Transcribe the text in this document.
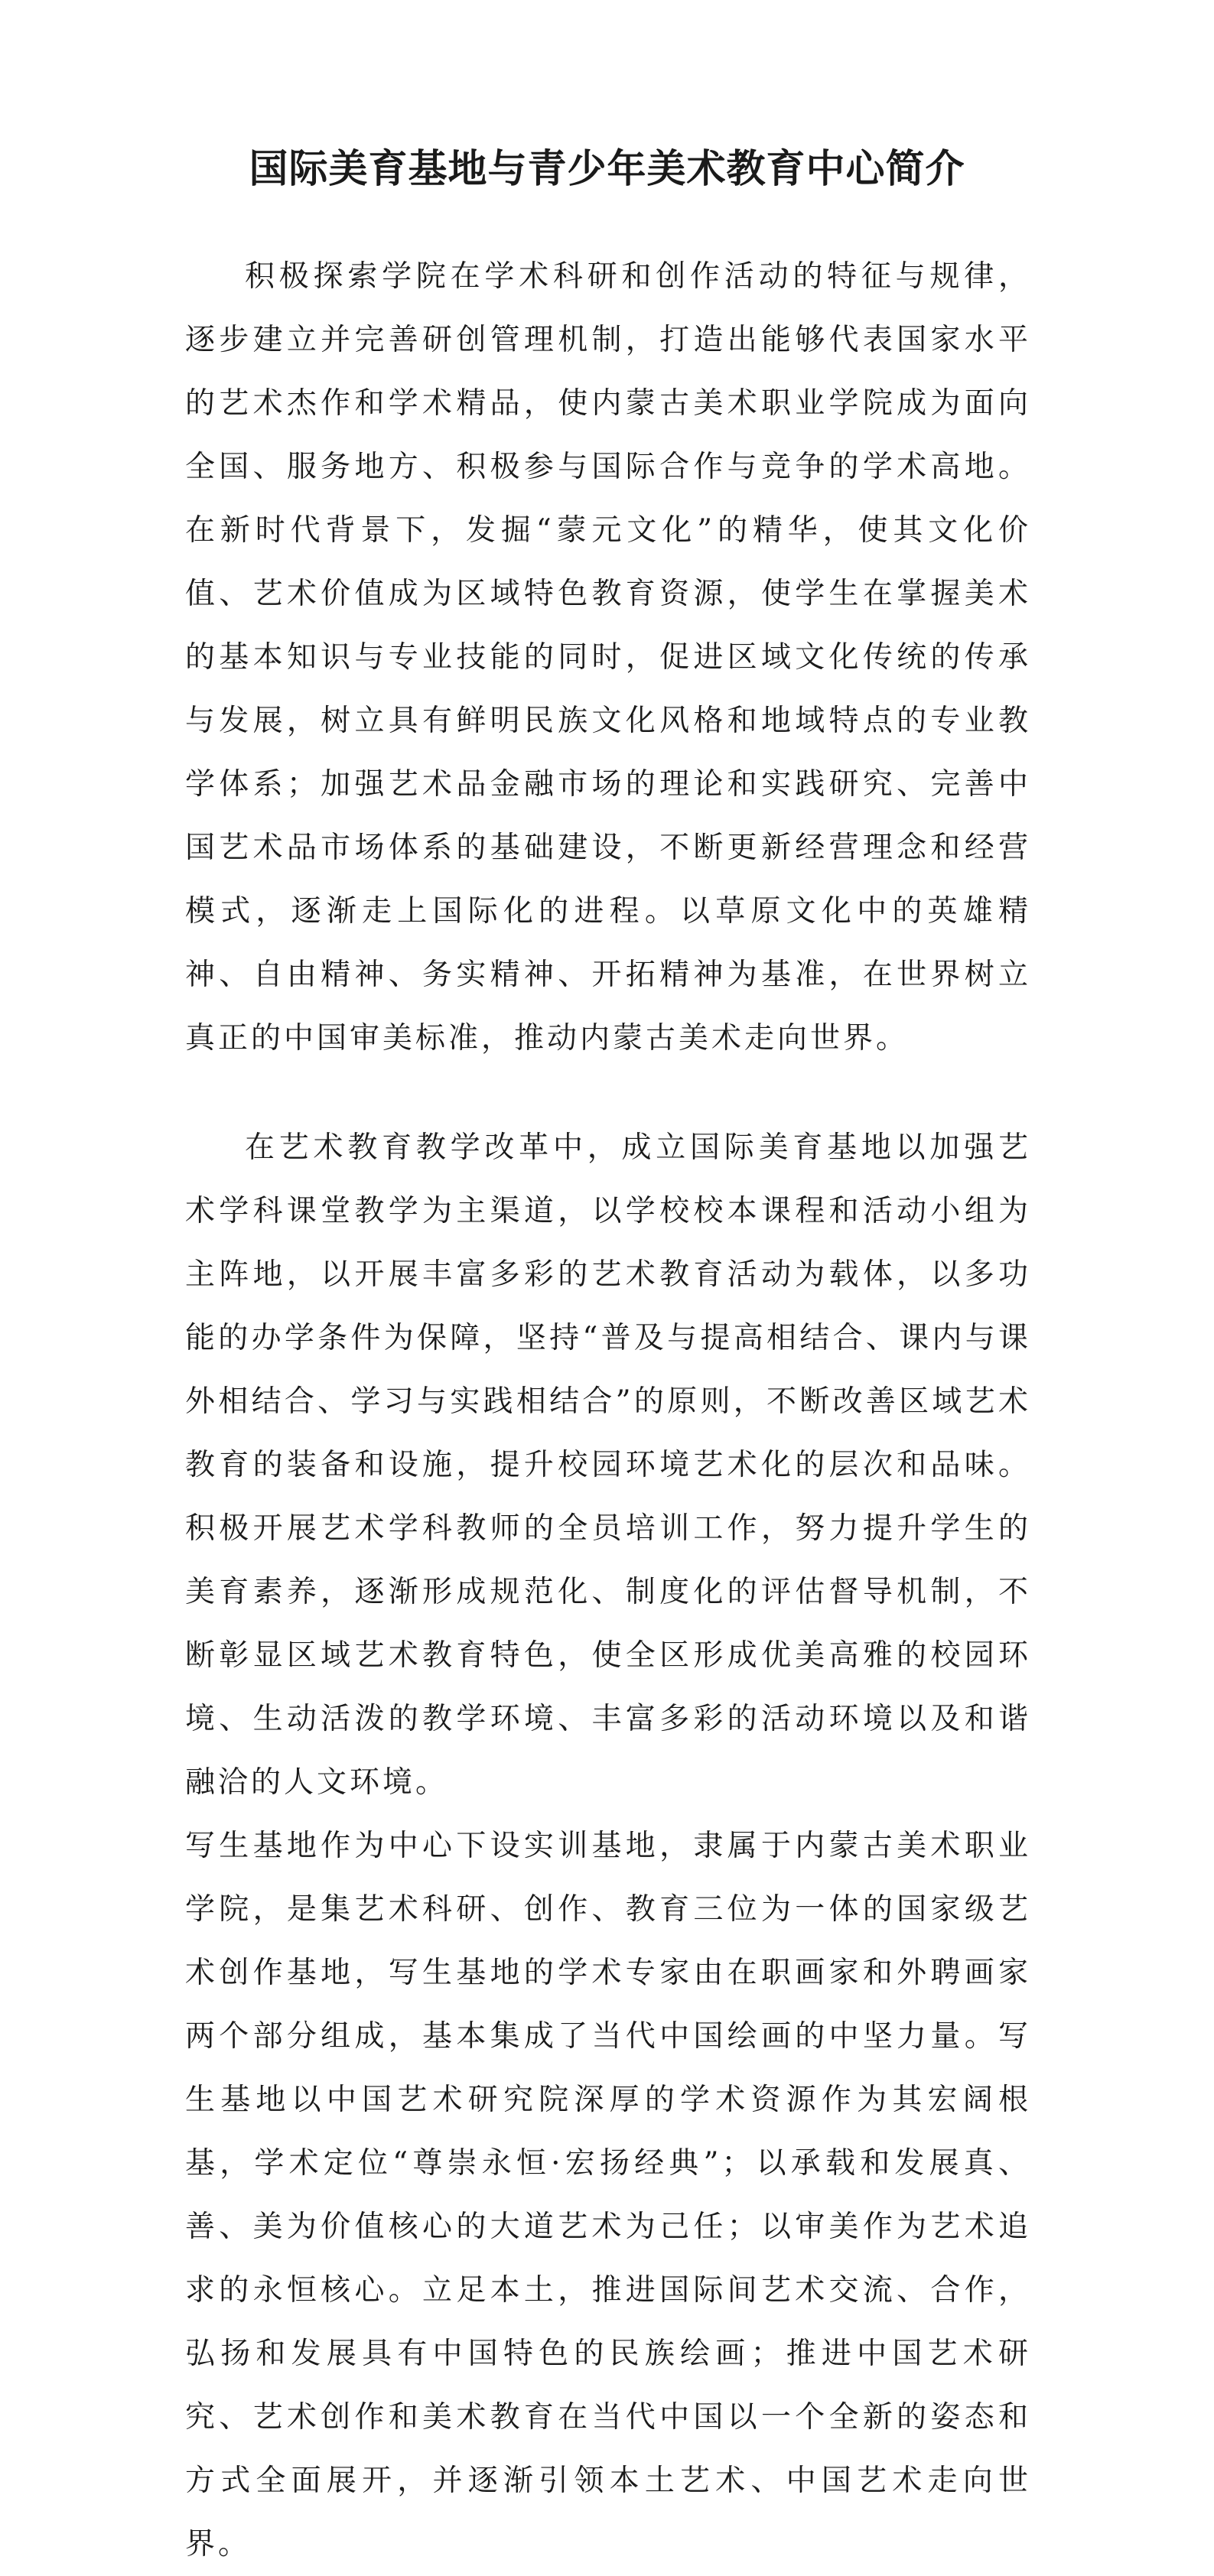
国际美育基地与青少年美术教育中心简介

积极探索学院在学术科研和创作活动的特征与规律，逐步建立并完善研创管理机制，打造出能够代表国家水平的艺术杰作和学术精品，使内蒙古美术职业学院成为面向全国、服务地方、积极参与国际合作与竞争的学术高地。在新时代背景下，发掘“蒙元文化”的精华，使其文化价值、艺术价值成为区域特色教育资源，使学生在掌握美术的基本知识与专业技能的同时，促进区域文化传统的传承与发展，树立具有鲜明民族文化风格和地域特点的专业教学体系；加强艺术品金融市场的理论和实践研究、完善中国艺术品市场体系的基础建设，不断更新经营理念和经营模式，逐渐走上国际化的进程。以草原文化中的英雄精神、自由精神、务实精神、开拓精神为基准，在世界树立真正的中国审美标准，推动内蒙古美术走向世界。

在艺术教育教学改革中，成立国际美育基地以加强艺术学科课堂教学为主渠道，以学校校本课程和活动小组为主阵地，以开展丰富多彩的艺术教育活动为载体，以多功能的办学条件为保障，坚持“普及与提高相结合、课内与课外相结合、学习与实践相结合”的原则，不断改善区域艺术教育的装备和设施，提升校园环境艺术化的层次和品味。积极开展艺术学科教师的全员培训工作，努力提升学生的美育素养，逐渐形成规范化、制度化的评估督导机制，不断彰显区域艺术教育特色，使全区形成优美高雅的校园环境、生动活泼的教学环境、丰富多彩的活动环境以及和谐融洽的人文环境。

写生基地作为中心下设实训基地，隶属于内蒙古美术职业学院，是集艺术科研、创作、教育三位为一体的国家级艺术创作基地，写生基地的学术专家由在职画家和外聘画家两个部分组成，基本集成了当代中国绘画的中坚力量。写生基地以中国艺术研究院深厚的学术资源作为其宏阔根基，学术定位“尊崇永恒·宏扬经典”；以承载和发展真、善、美为价值核心的大道艺术为己任；以审美作为艺术追求的永恒核心。立足本土，推进国际间艺术交流、合作，弘扬和发展具有中国特色的民族绘画；推进中国艺术研究、艺术创作和美术教育在当代中国以一个全新的姿态和方式全面展开，并逐渐引领本土艺术、中国艺术走向世界。
